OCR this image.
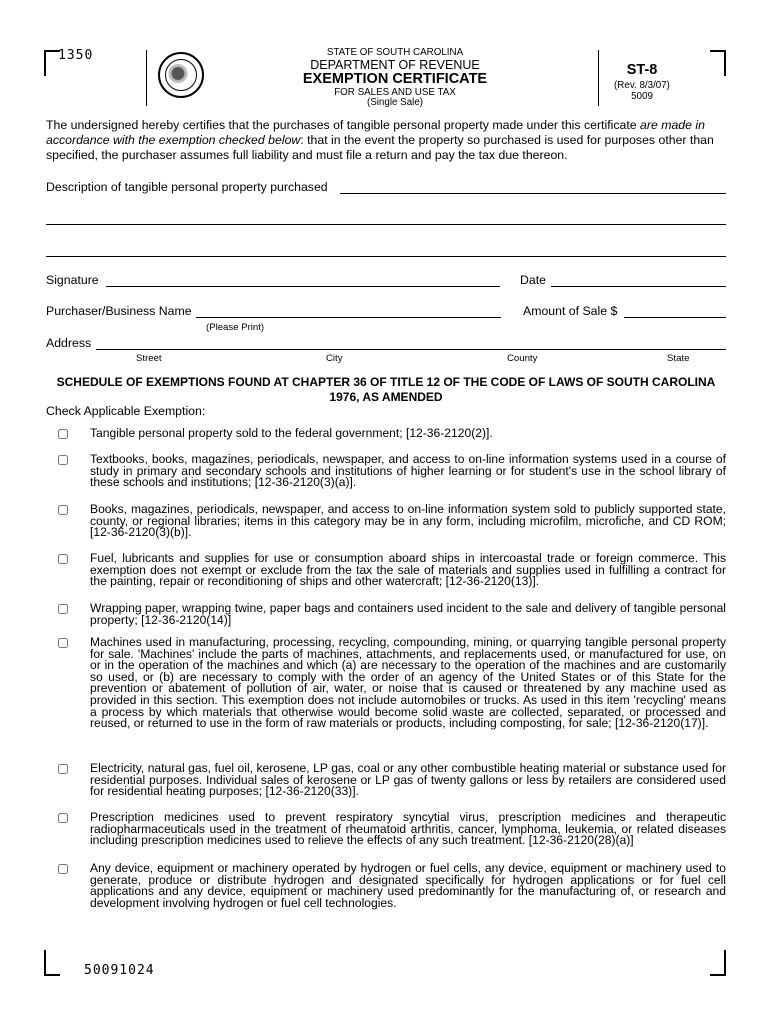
1350
50091024
STATE OF SOUTH CAROLINA
DEPARTMENT OF REVENUE
EXEMPTION CERTIFICATE
FOR SALES AND USE TAX
(Single Sale)
ST-8
(Rev. 8/3/07)
5009
The undersigned hereby certifies that the purchases of tangible personal property made under this certificate are made in accordance with the exemption checked below: that in the event the property so purchased is used for purposes other than specified, the purchaser assumes full liability and must file a return and pay the tax due thereon.
Description of tangible personal property purchased
Signature	Date
Purchaser/Business Name	Amount of Sale $
(Please Print)
Address
Street	City	County	State
SCHEDULE OF EXEMPTIONS FOUND AT CHAPTER 36 OF TITLE 12 OF THE CODE OF LAWS OF SOUTH CAROLINA 1976, AS AMENDED
Check Applicable Exemption:
Tangible personal property sold to the federal government; [12-36-2120(2)].
Textbooks, books, magazines, periodicals, newspaper, and access to on-line information systems used in a course of study in primary and secondary schools and institutions of higher learning or for student's use in the school library of these schools and institutions; [12-36-2120(3)(a)].
Books, magazines, periodicals, newspaper, and access to on-line information system sold to publicly supported state, county, or regional libraries; items in this category may be in any form, including microfilm, microfiche, and CD ROM; [12-36-2120(3)(b)].
Fuel, lubricants and supplies for use or consumption aboard ships in intercoastal trade or foreign commerce. This exemption does not exempt or exclude from the tax the sale of materials and supplies used in fulfilling a contract for the painting, repair or reconditioning of ships and other watercraft; [12-36-2120(13)].
Wrapping paper, wrapping twine, paper bags and containers used incident to the sale and delivery of tangible personal property; [12-36-2120(14)]
Machines used in manufacturing, processing, recycling, compounding, mining, or quarrying tangible personal property for sale. 'Machines' include the parts of machines, attachments, and replacements used, or manufactured for use, on or in the operation of the machines and which (a) are necessary to the operation of the machines and are customarily so used, or (b) are necessary to comply with the order of an agency of the United States or of this State for the prevention or abatement of pollution of air, water, or noise that is caused or threatened by any machine used as provided in this section. This exemption does not include automobiles or trucks. As used in this item 'recycling' means a process by which materials that otherwise would become solid waste are collected, separated, or processed and reused, or returned to use in the form of raw materials or products, including composting, for sale; [12-36-2120(17)].
Electricity, natural gas, fuel oil, kerosene, LP gas, coal or any other combustible heating material or substance used for residential purposes. Individual sales of kerosene or LP gas of twenty gallons or less by retailers are considered used for residential heating purposes; [12-36-2120(33)].
Prescription medicines used to prevent respiratory syncytial virus, prescription medicines and therapeutic radiopharmaceuticals used in the treatment of rheumatoid arthritis, cancer, lymphoma, leukemia, or related diseases including prescription medicines used to relieve the effects of any such treatment. [12-36-2120(28)(a)]
Any device, equipment or machinery operated by hydrogen or fuel cells, any device, equipment or machinery used to generate, produce or distribute hydrogen and designated specifically for hydrogen applications or for fuel cell applications and any device, equipment or machinery used predominantly for the manufacturing of, or research and development involving hydrogen or fuel cell technologies.
